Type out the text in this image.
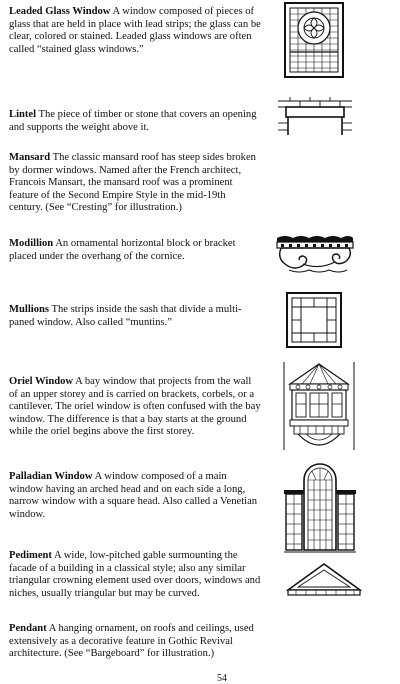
Leaded Glass Window A window composed of pieces of glass that are held in place with lead strips; the glass can be clear, colored or stained. Leaded glass windows are often called “stained glass windows.”
Lintel The piece of timber or stone that covers an opening and supports the weight above it.
Mansard The classic mansard roof has steep sides broken by dormer windows. Named after the French architect, Francois Mansart, the mansard roof was a prominent feature of the Second Empire Style in the mid-19th century. (See “Cresting” for illustration.)
Modillion An ornamental horizontal block or bracket placed under the overhang of the cornice.
Mullions The strips inside the sash that divide a multi-paned window. Also called “muntins.”
Oriel Window A bay window that projects from the wall of an upper storey and is carried on brackets, corbels, or a cantilever. The oriel window is often confused with the bay window. The difference is that a bay starts at the ground while the oriel begins above the first storey.
Palladian Window A window composed of a main window having an arched head and on each side a long, narrow window with a square head. Also called a Venetian window.
Pediment A wide, low-pitched gable surmounting the facade of a building in a classical style; also any similar triangular crowning element used over doors, windows and niches, usually triangular but may be curved.
Pendant A hanging ornament, on roofs and ceilings, used extensively as a decorative feature in Gothic Revival architecture. (See “Bargeboard” for illustration.)
54
